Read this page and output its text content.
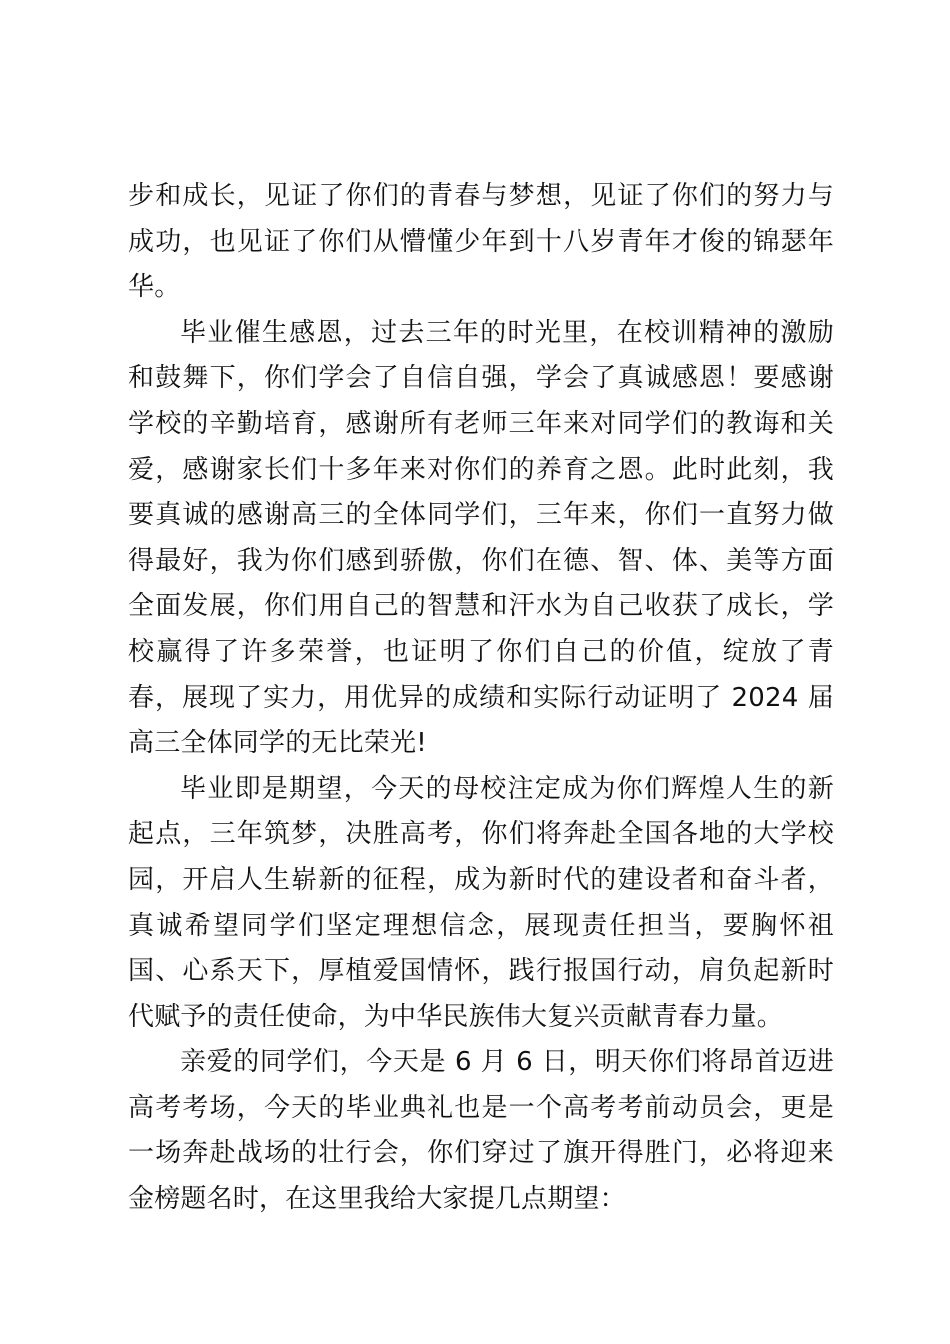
步和成长，见证了你们的青春与梦想，见证了你们的努力与成功，也见证了你们从懵懂少年到十八岁青年才俊的锦瑟年华。

毕业催生感恩，过去三年的时光里，在校训精神的激励和鼓舞下，你们学会了自信自强，学会了真诚感恩！要感谢学校的辛勤培育，感谢所有老师三年来对同学们的教诲和关爱，感谢家长们十多年来对你们的养育之恩。此时此刻，我要真诚的感谢高三的全体同学们，三年来，你们一直努力做得最好，我为你们感到骄傲，你们在德、智、体、美等方面全面发展，你们用自己的智慧和汗水为自己收获了成长，学校赢得了许多荣誉，也证明了你们自己的价值，绽放了青春，展现了实力，用优异的成绩和实际行动证明了 2024 届高三全体同学的无比荣光!

毕业即是期望，今天的母校注定成为你们辉煌人生的新起点，三年筑梦，决胜高考，你们将奔赴全国各地的大学校园，开启人生崭新的征程，成为新时代的建设者和奋斗者，真诚希望同学们坚定理想信念，展现责任担当，要胸怀祖国、心系天下，厚植爱国情怀，践行报国行动，肩负起新时代赋予的责任使命，为中华民族伟大复兴贡献青春力量。

亲爱的同学们，今天是 6 月 6 日，明天你们将昂首迈进高考考场，今天的毕业典礼也是一个高考考前动员会，更是一场奔赴战场的壮行会，你们穿过了旗开得胜门，必将迎来金榜题名时，在这里我给大家提几点期望：
